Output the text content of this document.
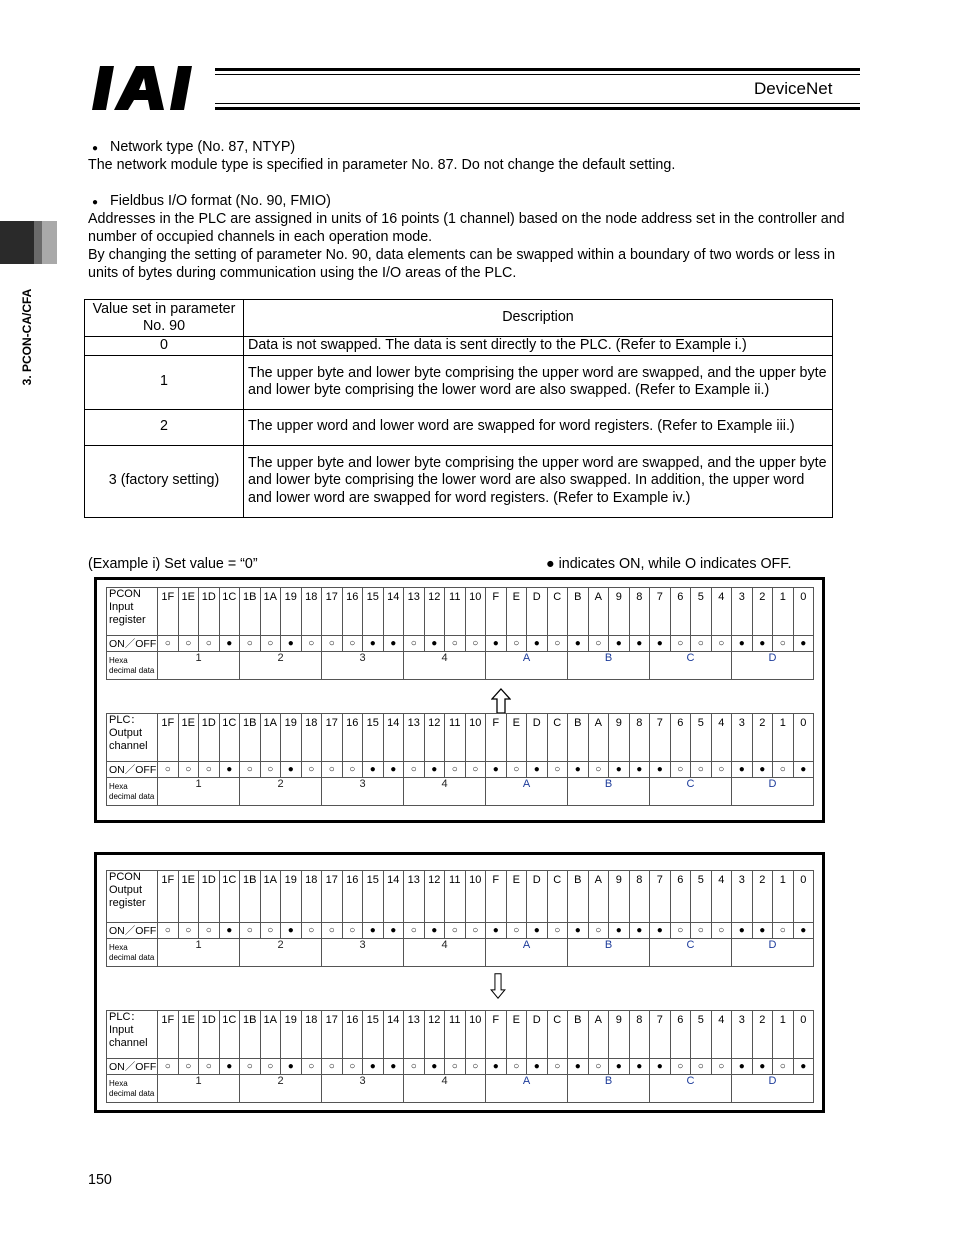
DeviceNet
3. PCON-CA/CFA
● Network type (No. 87, NTYP)
The network module type is specified in parameter No. 87. Do not change the default setting.
● Fieldbus I/O format (No. 90, FMIO)
Addresses in the PLC are assigned in units of 16 points (1 channel) based on the node address set in the controller and number of occupied channels in each operation mode.
By changing the setting of parameter No. 90, data elements can be swapped within a boundary of two words or less in units of bytes during communication using the I/O areas of the PLC.
Value set in parameter No. 90	Description
0	Data is not swapped. The data is sent directly to the PLC. (Refer to Example i.)
1	The upper byte and lower byte comprising the upper word are swapped, and the upper byte and lower byte comprising the lower word are also swapped. (Refer to Example ii.)
2	The upper word and lower word are swapped for word registers. (Refer to Example iii.)
3 (factory setting)	The upper byte and lower byte comprising the upper word are swapped, and the upper byte and lower byte comprising the lower word are also swapped. In addition, the upper word and lower word are swapped for word registers. (Refer to Example iv.)
(Example i) Set value = “0”	● indicates ON, while O indicates OFF.
PCON Input register	1F	1E	1D	1C	1B	1A	19	18	17	16	15	14	13	12	11	10	F	E	D	C	B	A	9	8	7	6	5	4	3	2	1	0
ON／OFF	○	○	○	●	○	○	●	○	○	○	●	●	○	●	○	○	●	○	●	○	●	○	●	●	●	○	○	○	●	●	○	●
Hexa decimal data	1				2				3				4				A				B				C				D			
PLC：
Output channel	1F	1E	1D	1C	1B	1A	19	18	17	16	15	14	13	12	11	10	F	E	D	C	B	A	9	8	7	6	5	4	3	2	1	0
ON／OFF	○	○	○	●	○	○	●	○	○	○	●	●	○	●	○	○	●	○	●	○	●	○	●	●	●	○	○	○	●	●	○	●
Hexa decimal data	1				2				3				4				A				B				C				D			
PCON Output register	1F	1E	1D	1C	1B	1A	19	18	17	16	15	14	13	12	11	10	F	E	D	C	B	A	9	8	7	6	5	4	3	2	1	0
ON／OFF	○	○	○	●	○	○	●	○	○	○	●	●	○	●	○	○	●	○	●	○	●	○	●	●	●	○	○	○	●	●	○	●
Hexa decimal data	1				2				3				4				A				B				C				D			
PLC：
Input channel	1F	1E	1D	1C	1B	1A	19	18	17	16	15	14	13	12	11	10	F	E	D	C	B	A	9	8	7	6	5	4	3	2	1	0
ON／OFF	○	○	○	●	○	○	●	○	○	○	●	●	○	●	○	○	●	○	●	○	●	○	●	●	●	○	○	○	●	●	○	●
Hexa decimal data	1				2				3				4				A				B				C				D			
150
